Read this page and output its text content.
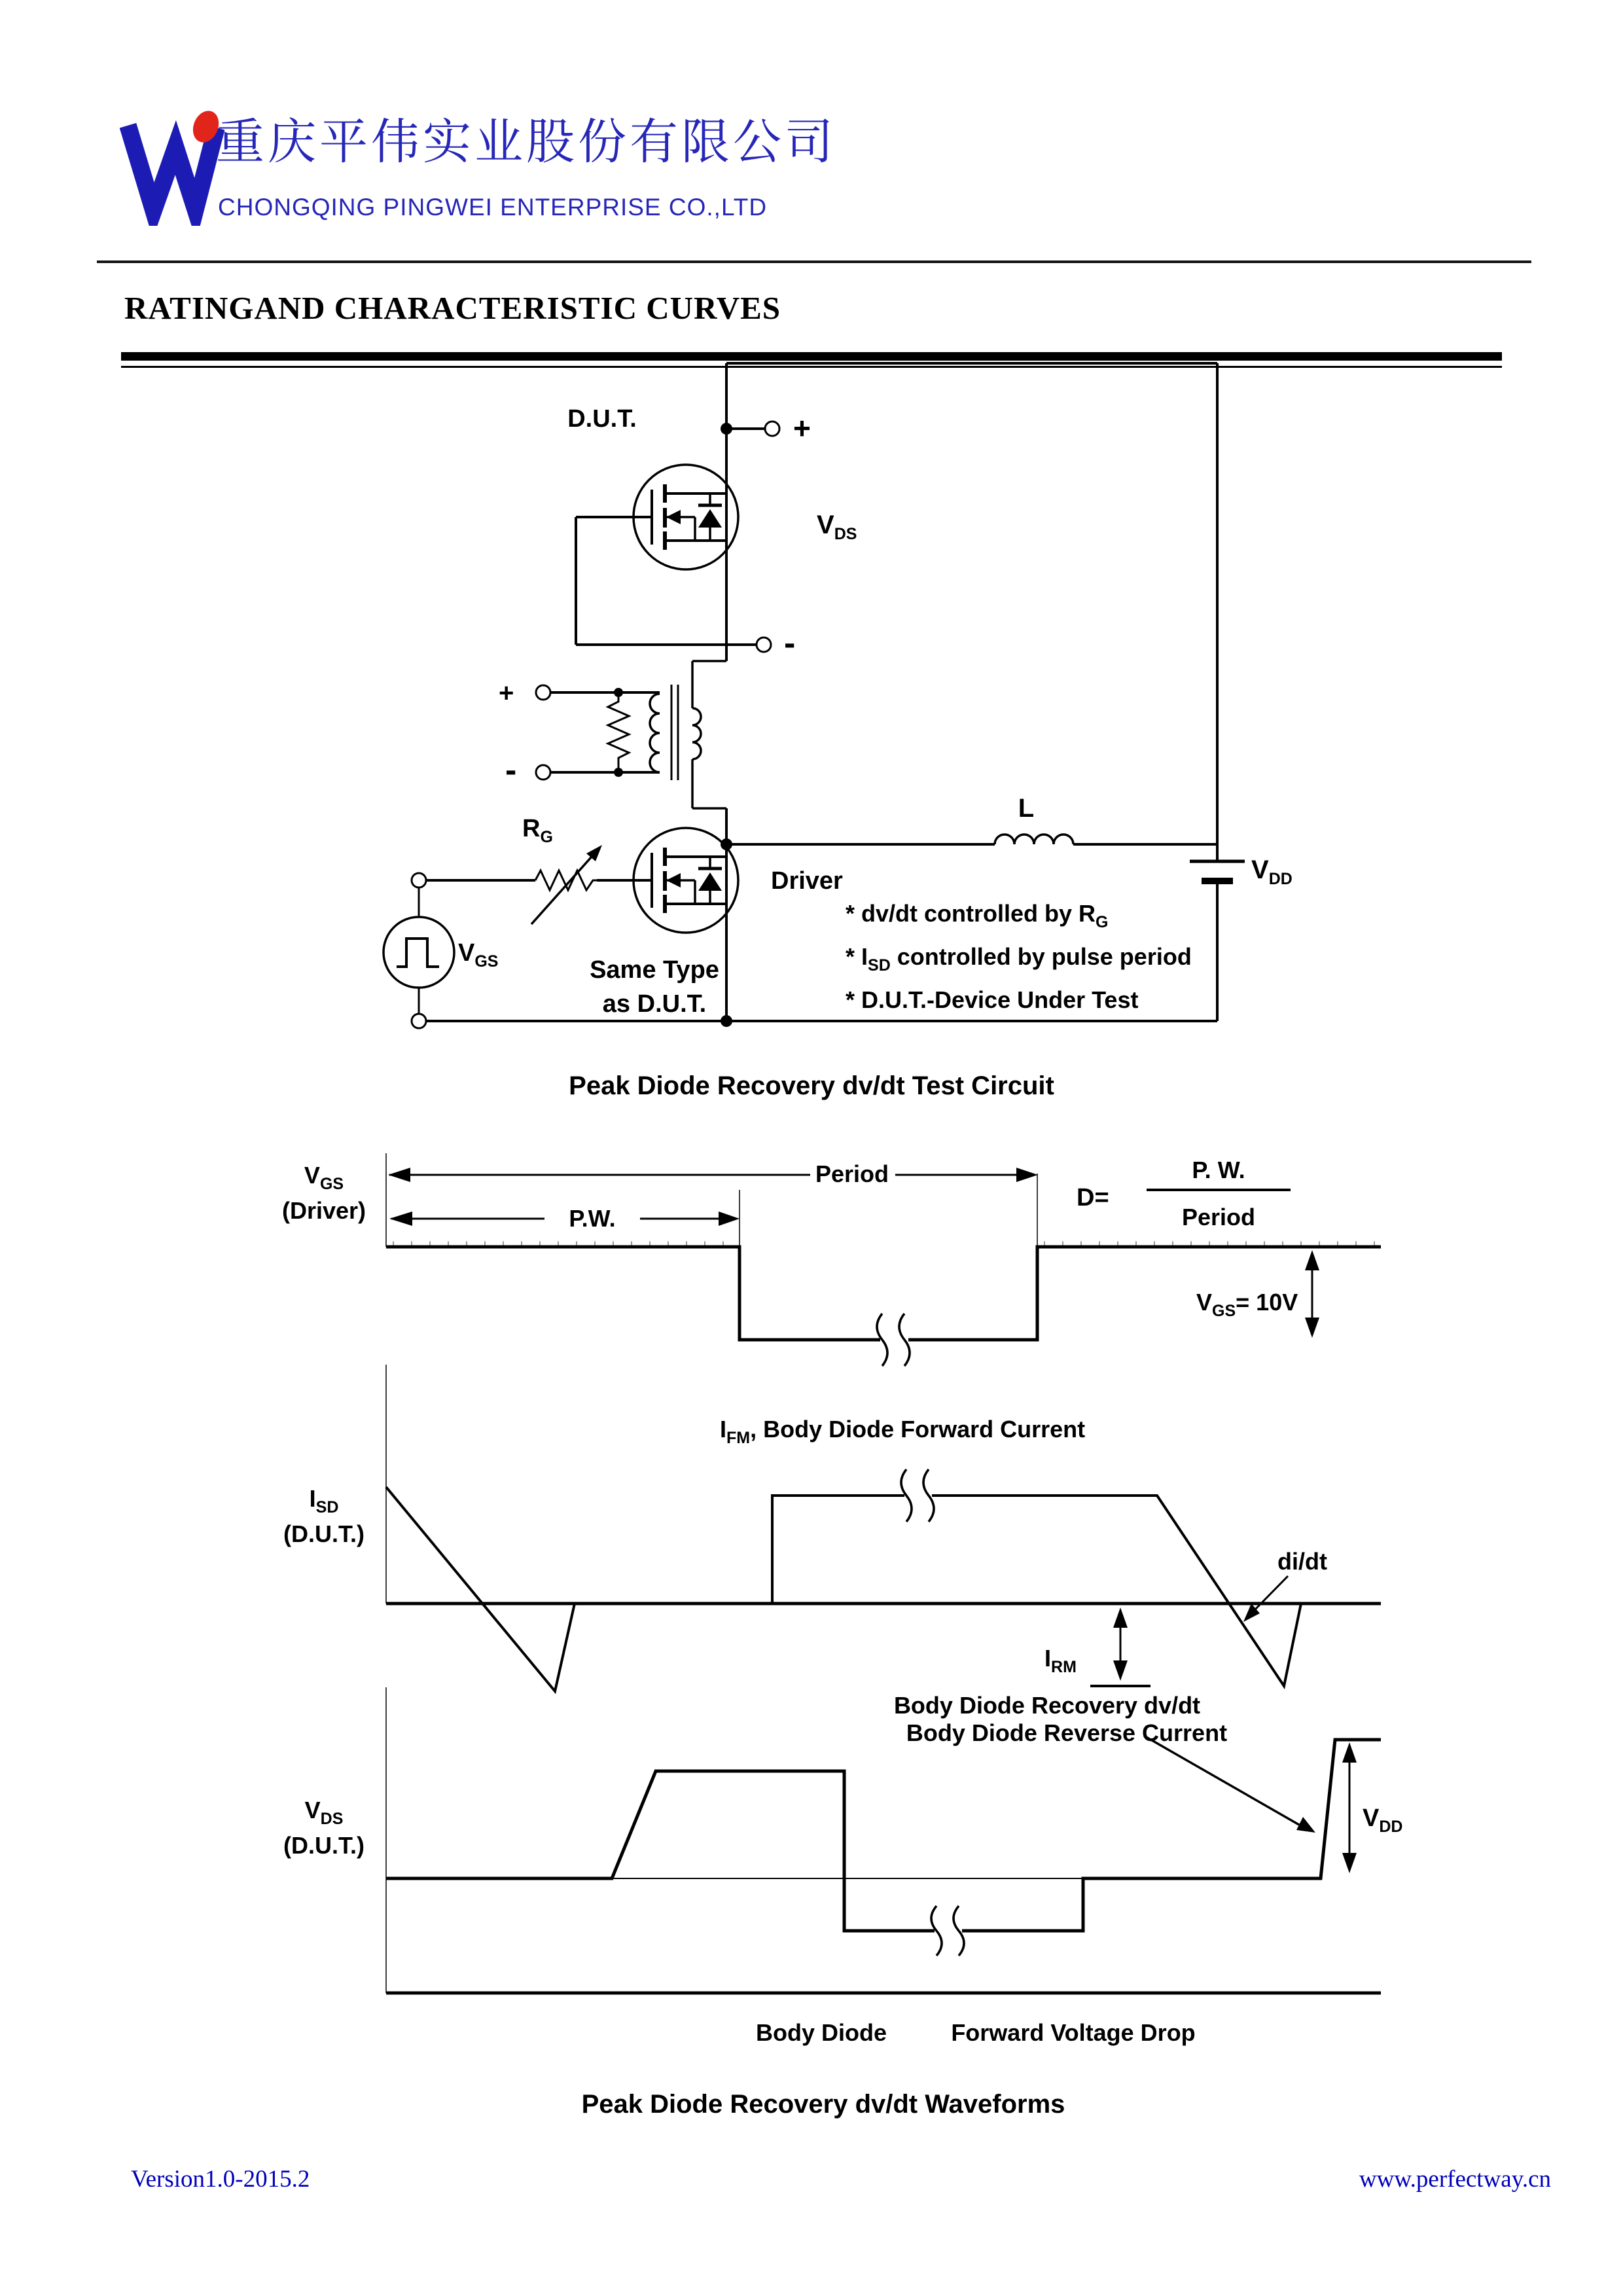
重庆平伟实业股份有限公司
CHONGQING PINGWEI ENTERPRISE CO.,LTD
RATINGAND CHARACTERISTIC CURVES
D.U.T.	+
$V_{DS}$
-
+
-
L
$R_G$
Driver
Same Type
as D.U.T.
$V_{GS}$
$V_{DD}$
* dv/dt controlled by $R_G$
* $I_{SD}$ controlled by pulse period
* D.U.T.-Device Under Test
Peak Diode Recovery dv/dt Test Circuit
$V_{GS}$
(Driver)
Period
P.W.
D=
P. W.
Period
$V_{GS}= 10V$
$I_{FM}$, Body Diode Forward Current
$I_{SD}$
(D.U.T.)
di/dt
$I_{RM}$
Body Diode Reverse Current
Body Diode Recovery dv/dt
$V_{DS}$
(D.U.T.)
$V_{DD}$
Body Diode	Forward Voltage Drop
Peak Diode Recovery dv/dt Waveforms
Version1.0-2015.2	www.perfectway.cn
